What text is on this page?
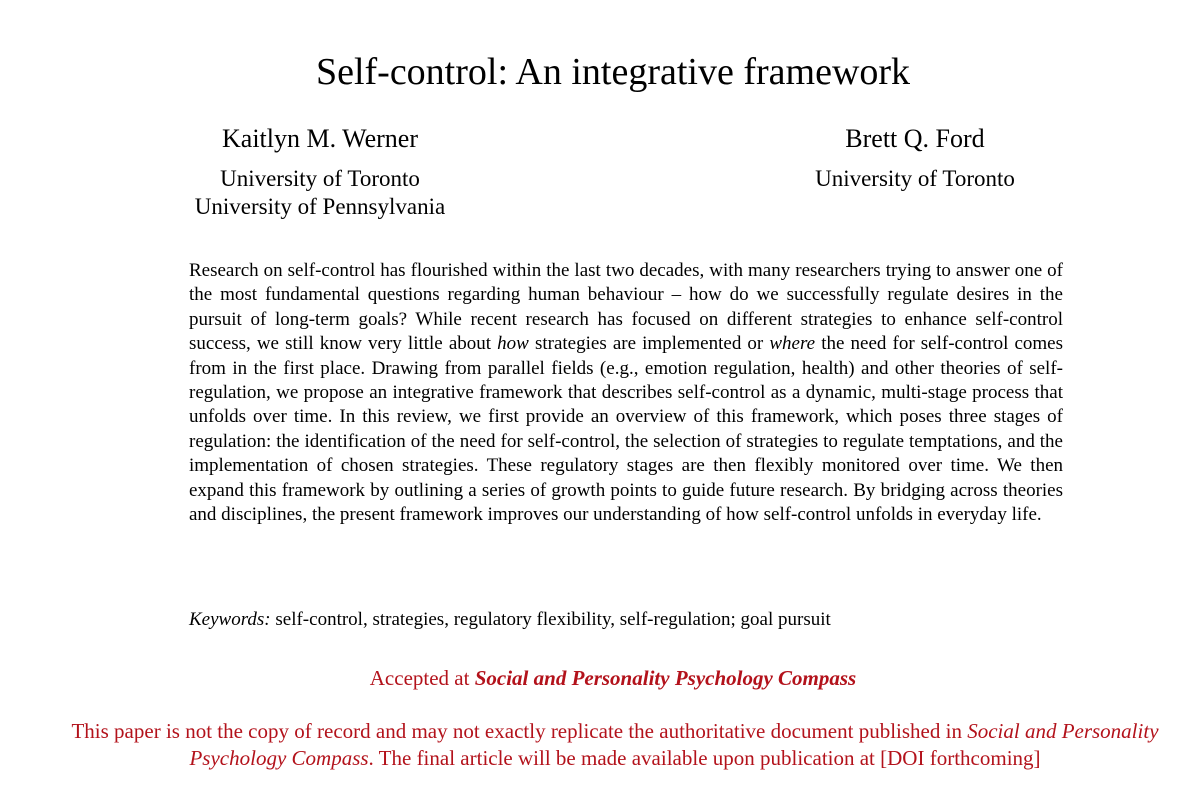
Self-control: An integrative framework
Kaitlyn M. Werner
University of Toronto
University of Pennsylvania
Brett Q. Ford
University of Toronto

Research on self-control has flourished within the last two decades, with many researchers trying to answer one of the most fundamental questions regarding human behaviour – how do we successfully regulate desires in the pursuit of long-term goals? While recent research has focused on different strategies to enhance self-control success, we still know very little about how strategies are implemented or where the need for self-control comes from in the first place. Drawing from parallel fields (e.g., emotion regulation, health) and other theories of self-regulation, we propose an integrative framework that describes self-control as a dynamic, multi-stage process that unfolds over time. In this review, we first provide an overview of this framework, which poses three stages of regulation: the identification of the need for self-control, the selection of strategies to regulate temptations, and the implementation of chosen strategies. These regulatory stages are then flexibly monitored over time. We then expand this framework by outlining a series of growth points to guide future research. By bridging across theories and disciplines, the present framework improves our understanding of how self-control unfolds in everyday life.

Keywords: self-control, strategies, regulatory flexibility, self-regulation; goal pursuit

Accepted at Social and Personality Psychology Compass

This paper is not the copy of record and may not exactly replicate the authoritative document published in Social and Personality Psychology Compass. The final article will be made available upon publication at [DOI forthcoming]
